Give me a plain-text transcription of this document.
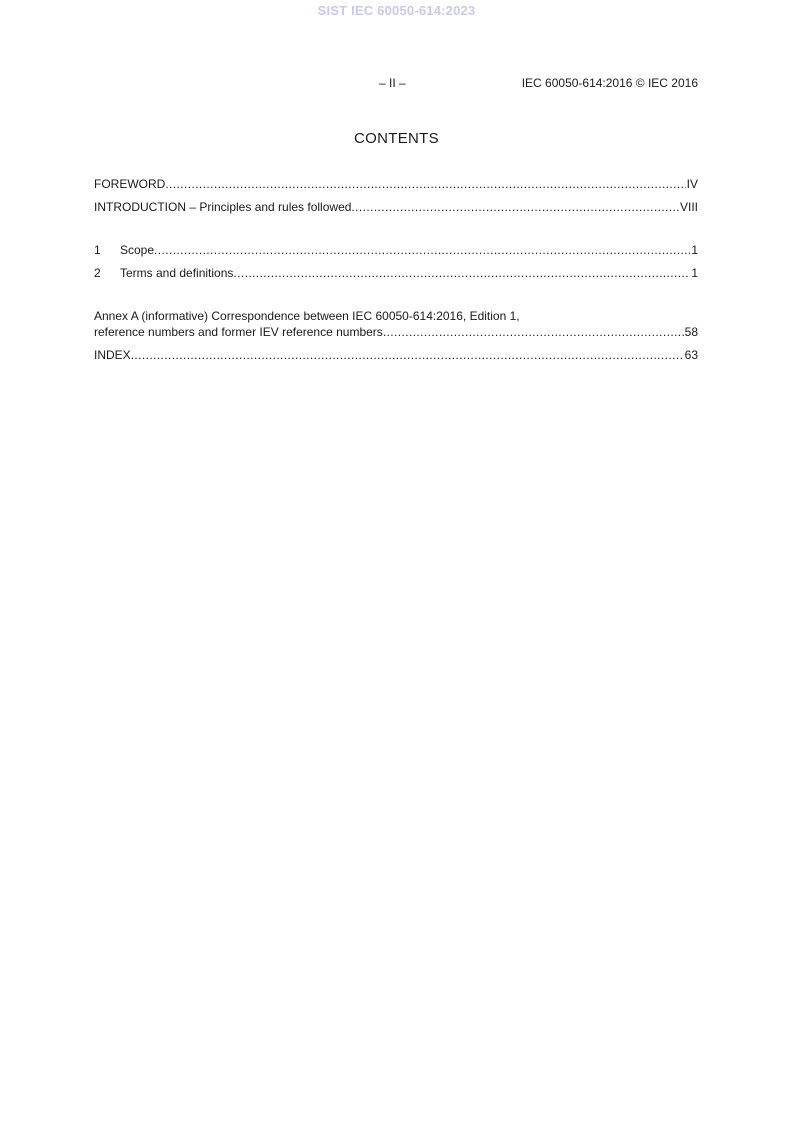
SIST IEC 60050-614:2023
– II –	IEC 60050-614:2016 © IEC 2016
CONTENTS
FOREWORD .....	IV
INTRODUCTION – Principles and rules followed .....	VIII
1	Scope .....	1
2	Terms and definitions .....	1
Annex A (informative) Correspondence between IEC 60050-614:2016, Edition 1,
reference numbers and former IEV reference numbers .....	58
INDEX .....	63
